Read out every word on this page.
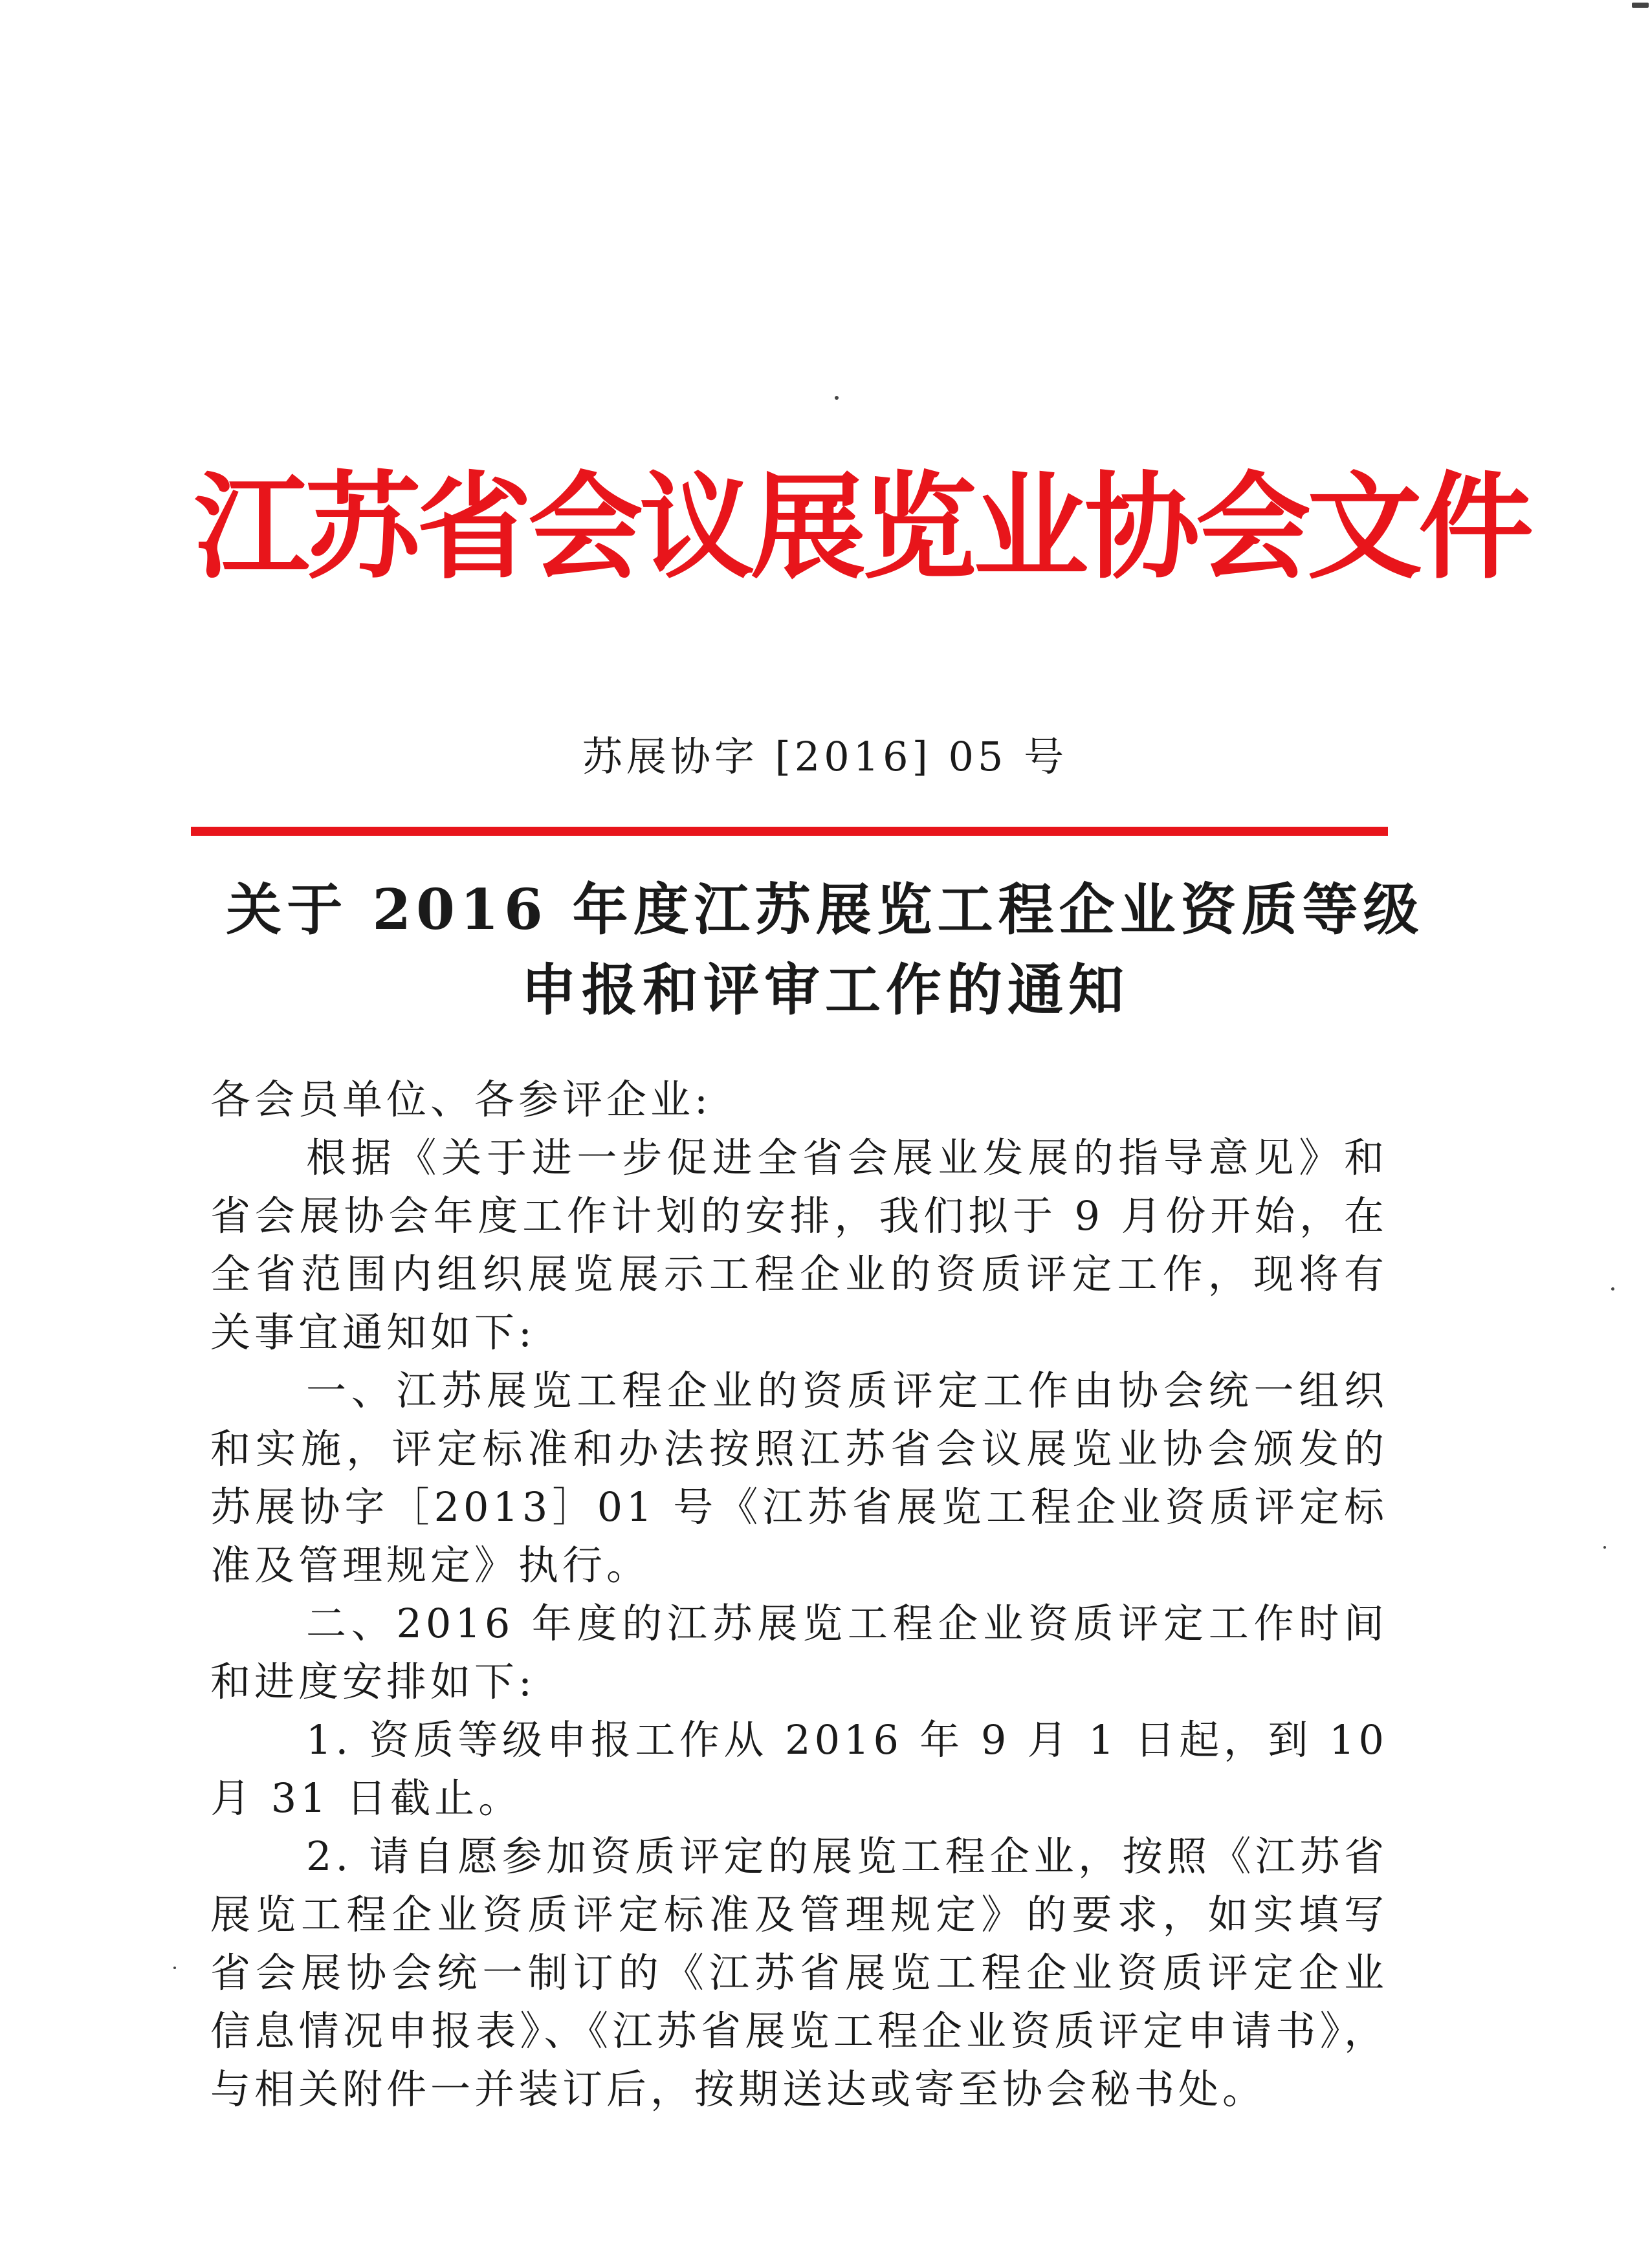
江苏省会议展览业协会文件
苏展协字 [2016] 05 号
关于 2016 年度江苏展览工程企业资质等级
申报和评审工作的通知

各会员单位、各参评企业:

根据《关于进一步促进全省会展业发展的指导意见》和省会展协会年度工作计划的安排，我们拟于 9 月份开始，在全省范围内组织展览展示工程企业的资质评定工作，现将有关事宜通知如下:

一、江苏展览工程企业的资质评定工作由协会统一组织和实施，评定标准和办法按照江苏省会议展览业协会颁发的苏展协字［2013］01 号《江苏省展览工程企业资质评定标准及管理规定》执行。

二、2016 年度的江苏展览工程企业资质评定工作时间和进度安排如下:

1. 资质等级申报工作从 2016 年 9 月 1 日起，到 10 月 31 日截止。

2. 请自愿参加资质评定的展览工程企业，按照《江苏省展览工程企业资质评定标准及管理规定》的要求，如实填写省会展协会统一制订的《江苏省展览工程企业资质评定企业信息情况申报表》、《江苏省展览工程企业资质评定申请书》，与相关附件一并装订后，按期送达或寄至协会秘书处。
